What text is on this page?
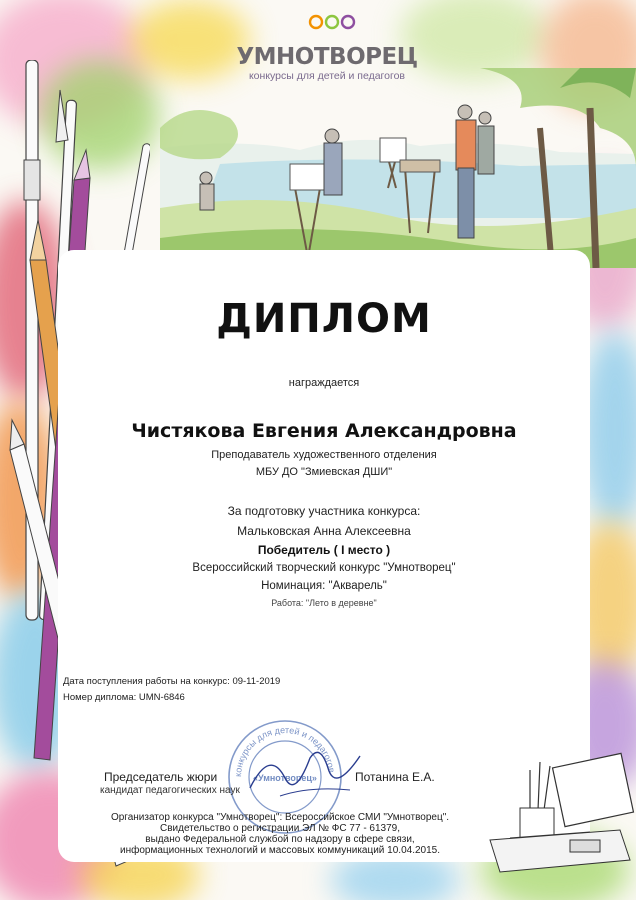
УМНОТВОРЕЦ
конкурсы для детей и педагогов
ДИПЛОМ
награждается
Чистякова Евгения Александровна
Преподаватель художественного отделения
МБУ ДО "Змиевская ДШИ"
За подготовку участника конкурса:
Мальковская Анна Алексеевна
Победитель ( I место )
Всероссийский творческий конкурс "Умнотворец"
Номинация: "Акварель"
Работа: "Лето в деревне"
Дата поступления работы на конкурс: 09-11-2019
Номер диплома: UMN-6846
конкурсы для детей и педагогов
«Умнотворец»
Председатель жюри
кандидат педагогических наук
Потанина Е.А.
Организатор конкурса "Умнотворец": Всероссийское СМИ "Умнотворец".
Свидетельство о регистрации ЭЛ № ФС 77 - 61379,
выдано Федеральной службой по надзору в сфере связи,
информационных технологий и массовых коммуникаций 10.04.2015.
